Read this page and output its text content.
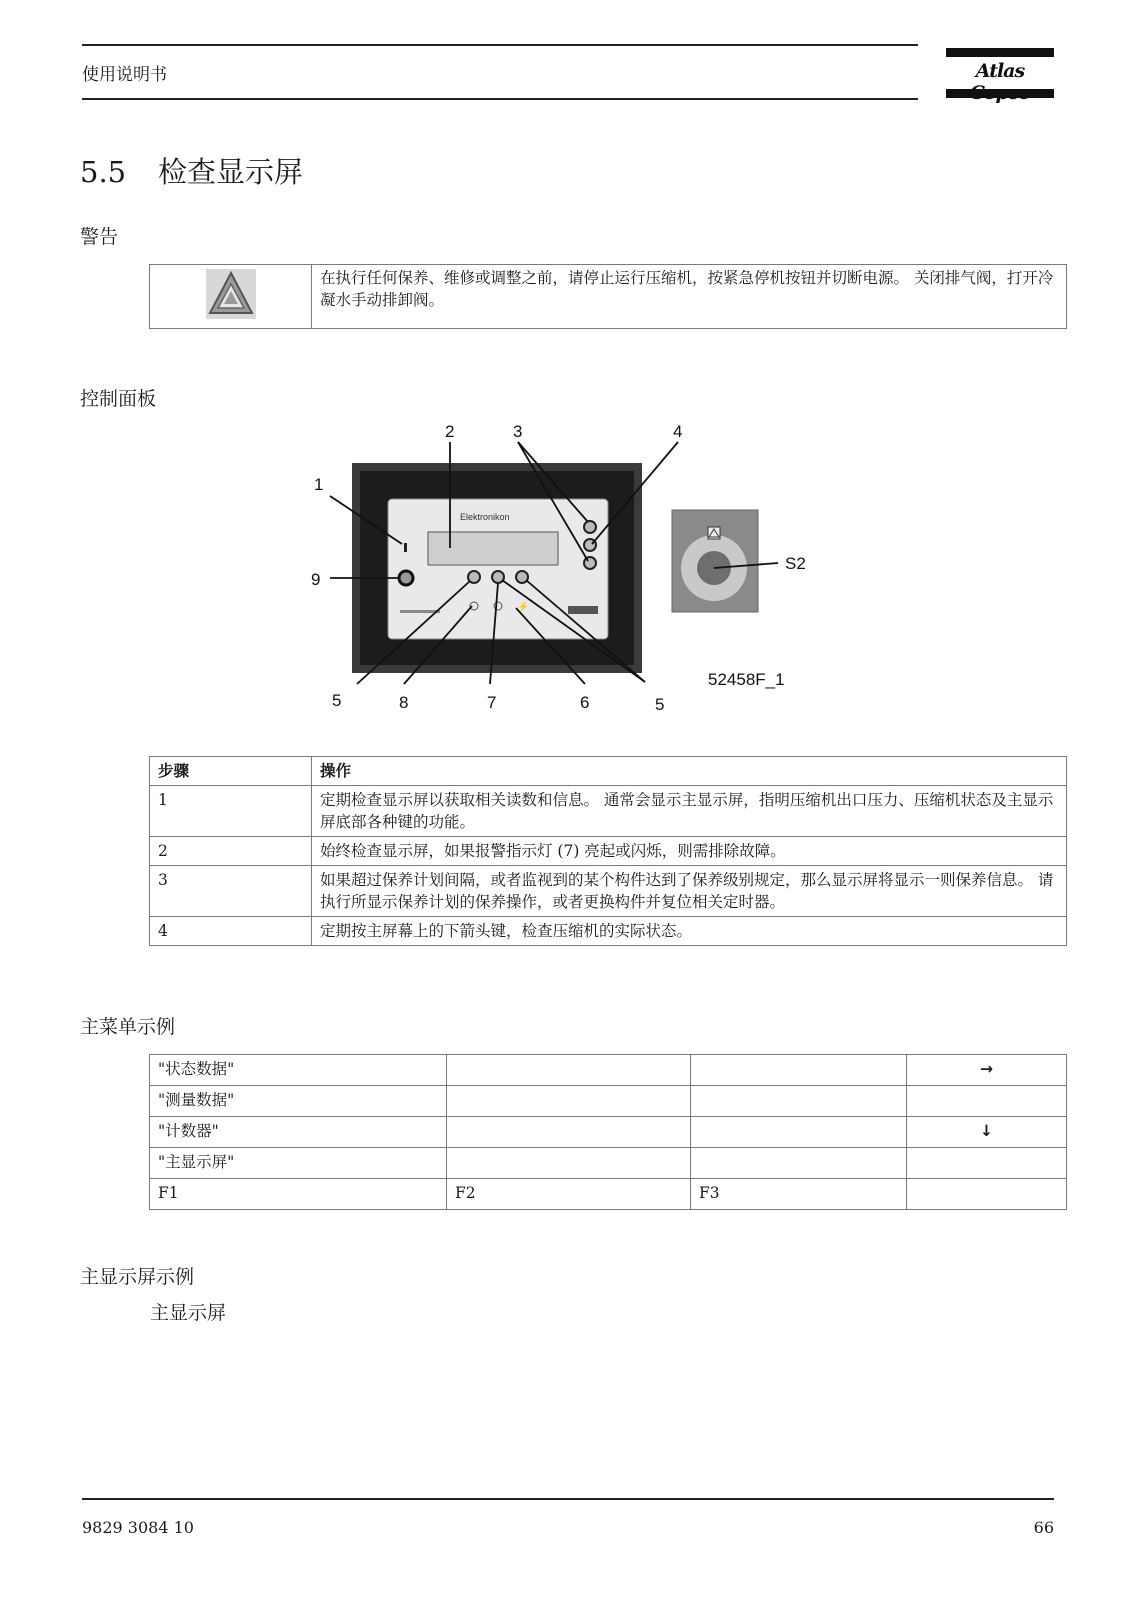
使用说明书	Atlas
5.5 检查显示屏
警告
	在执行任何保养、维修或调整之前，请停止运行压缩机，按紧急停机按钮并切断电源。 关闭排气阀，打开冷凝水手动排卸阀。
控制面板
Elektronikon
⚡
2	3	4
1
9
S2
5	8	7	6	5
52458F_1
步骤	操作
1	定期检查显示屏以获取相关读数和信息。 通常会显示主显示屏，指明压缩机出口压力、压缩机状态及主显示屏底部各种键的功能。
2	始终检查显示屏，如果报警指示灯 (7) 亮起或闪烁，则需排除故障。
3	如果超过保养计划间隔，或者监视到的某个构件达到了保养级别规定，那么显示屏将显示一则保养信息。 请执行所显示保养计划的保养操作，或者更换构件并复位相关定时器。
4	定期按主屏幕上的下箭头键，检查压缩机的实际状态。
主菜单示例
"状态数据"			→
"测量数据"			
"计数器"			↓
"主显示屏"			
F1	F2	F3	
主显示屏示例
主显示屏
9829 3084 10	66
